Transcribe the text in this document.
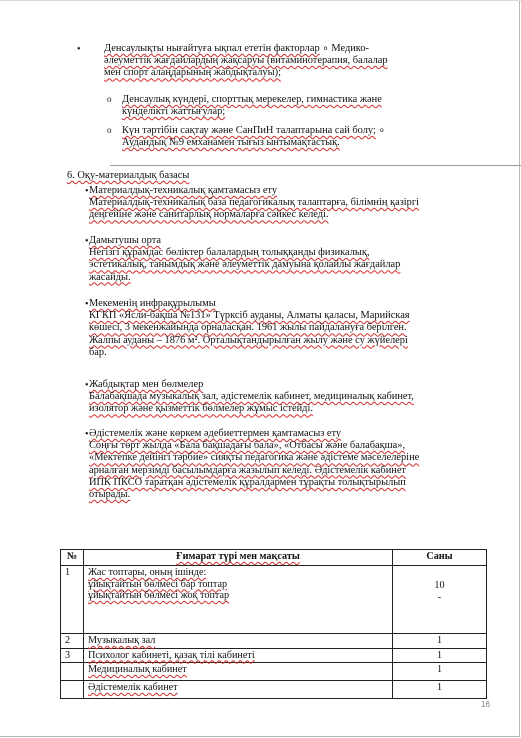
• Денсаулықты нығайтуға ықпал ететін факторлар ∘ Медико-
әлеуметтік жағдайлардың жақсаруы (витаминотерапия, балалар
мен спорт алаңдарының жабдықталуы);
o Денсаулық күндері, спорттық мерекелер, гимнастика және
күнделікті жаттығулар;
o Күн тәртібін сақтау және СанПиН талаптарына сай болу; ∘
Аудандық №9 емханамен тығыз ынтымақтастық.
6. Оқу-материалдық базасы
• Материалдық-техникалық қамтамасыз ету
Материалдық-техникалық база педагогикалық талаптарға, білімнің қазіргі
деңгейіне және санитарлық нормаларға сәйкес келеді.
• Дамытушы орта
Негізгі құрамдас бөліктер балалардың толыққанды физикалық,
эстетикалық, танымдық және әлеуметтік дамуына қолайлы жағдайлар
жасайды.
• Мекеменің инфрақұрылымы
КГКП «Ясли-бақша №131» Түрксіб ауданы, Алматы қаласы, Марийская
көшесі, 3 мекенжайында орналасқан. 1961 жылы пайдалануға берілген.
Жалпы ауданы – 1876 м². Орталықтандырылған жылу және су жүйелері
бар.
• Жабдықтар мен бөлмелер
Балабақшада музыкалық зал, әдістемелік кабинет, медициналық кабинет,
изолятор және қызметтік бөлмелер жұмыс істейді.
• Әдістемелік және көркем әдебиеттермен қамтамасыз ету
Соңғы төрт жылда «Бала бақшадағы бала», «Отбасы және балабақша»,
«Мектепке дейінгі тәрбие» сияқты педагогика және әдістеме мәселелеріне
арналған мерзімді басылымдарға жазылып келеді. Әдістемелік кабинет
ИПК ПКСО таратқан әдістемелік құралдармен тұрақты толықтырылып
отырады.
№	Ғимарат түрі мен мақсаты	Саны
1	Жас топтары, оның ішінде:
ұйықтайтын бөлмесі бар топтар
ұйықтайтын бөлмесі жоқ топтар	10
-
2	Музыкалық зал	1
3	Психолог кабинеті, қазақ тілі кабинеті	1
	Медициналық кабинет	1
	Әдістемелік кабинет	1
16
